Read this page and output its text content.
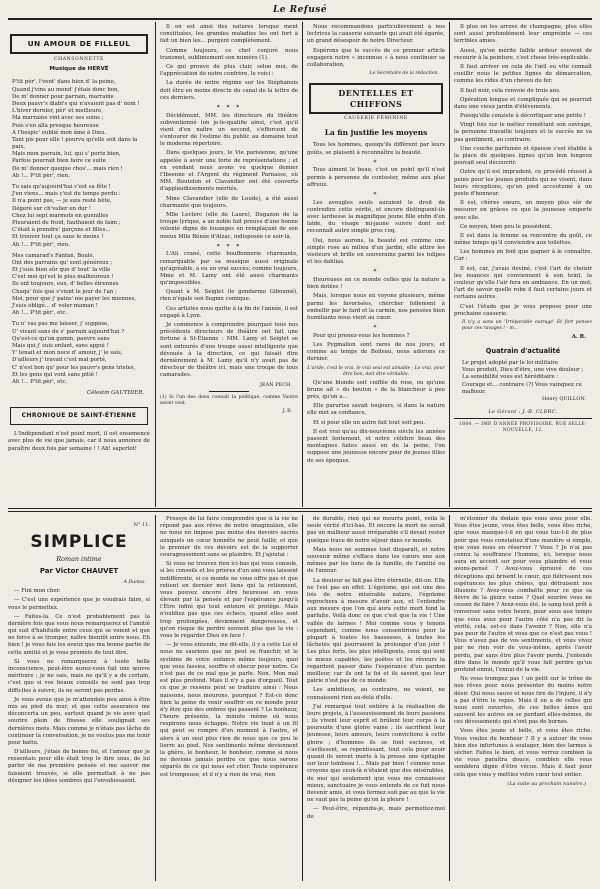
Le Refusé
UN AMOUR DE FILLEUL
CHANSONNETTE
Musique de HERVÉ

P'tit pèr', l'vent' dans bien d' la peine,

Quand j'vins au mond' j'étais donc bon,

De m' donner pour parrain, marraine

Deux pauvr's diabl's qui n'avaient pas d' nom !

L'hiver dernier, pèr' et meilleure,

Ma marraine vint avec ses soins ;

Puis s'en alla presque heureuse

A l'hospic' oublié mon âme à Dieu.

Tant pis pour elle ! pourvu qu'elle soit dans la paix,

Mais mon parrain, lui, qui s' porte bien,

Parfois pourrait bien faire ce suite

De m' donner queque chos'... mais rien !

Ah !... P'tit pèr', rien.

Tu sais qu'aujourd'hui c'est sa fête !

J'en viens... mais c'est du temps perdu :

Il n'a point pas, — je suis resté bête,

Dégeré sur ch'valier en dur !

Chez lui sept marmots en guenilles

Pleuraient de froid, fauthaient de faim ;

C'était à prendre' garçons et filles...

Et trouver tout ça sans le moins !

Ah !... P'tit pèr', rien.

Mes camarad's Fanfan, Boule,

Ont des parrains qu' sont généreux ;

Et j'suis bien sûr que d' tout' la ville

C'est moi qu'est le plus malheureux !

Ils ont toujours, eux, d' belles étrennes

Chaqu' fois que s'vient le jour de l'an ;

Moi, pour que j' pains' me payer les miennes,

J'suis obligé... d' voler maman !

Ah !... P'tit pèr', etc.

Tu n' vas pas me laisser, j' suppose,

U' vivant sans de s' parrain aujourd'hui ?

Qu'est-ce qu'un gamin, pauvre sans

Mais qui j' suis enfant, sans appui !

Y' tenait et mon noce d' amour, j' le sais,

D'ailleurs j' travail c'est mal porté,

C' n'est bon qu' pour les pauvr's gens tristes,

Et les gens qui vont sans pitié !

Ah !... P'tit pèr', etc.

Célestin GAUTHIER.
CHRONIQUE DE SAINT-ÉTIENNE

L'Indépendant n'est point mort, il est ensemencé avec plus de vie que jamais, car il nous annonce de paraître deux fois par semaine ! ! Ah! saperlot!

Il en est ainsi des natures lorsque ment constituées, les grandes maladies les ont fort à fait un bien les... purgent complètement.

Comme toujours, ce chef conjuré nous transmet, sublimement son numéro (1).

Ce qui prouve de plus clair, selon moi, de l'appréciation de notre confrère, le voici :

La durée de notre régime sur les Stéphanois doit être en moins directe du canal de la lettre de ces derniers.

✶ ✶ ✶

Décidément, MM. les directeurs du théâtre subventionné (on je-le-qualifie ainsi, c'est qu'il vient d'en naître un second, s'efforcent de s'entourer de l'estime du public au domaine tout le moderne répertoire.

Dans quelques jours, le Vie parisienne, qu'une appelée à avoir une forte de représentations ; et en vendant nous avons vu quelque demier l'Ibsenne et l'Argent du régiment Parnasse, où MM. Boutelon et Clavandier ont été couverts d'applaudissements mérités.

Mme Clavandier (elle de Loude), a été aussi charmante que toujours.

Mlle Leclerc (elle de Laure), Dugazon de la troupe lyrique, a un noble fait preuve d'une bonne volonté digne de louanges en remplaçant de son mieux Mlle Rénée d'Alzac, indisposée ce soir-là.

✶ ✶ ✶

L'Ali crané, cette bouffonnerie charmante, remarquable par sa musique aussi originale qu'agréable, a eu un vrai succès; comme toujours, Mme et M. Lamy ont été aussi charmants qu'impossibles.

Quant à M. Seiglet (le gendarme Giboumé), rien n'égale son flegme comique.

Ces artistes nous quitte à la fin de l'année, il est engagé à Lyon.

Je commence à comprendre pourquoi tous nos précédents directeurs de théâtre ont fait une fortune à St-Étienne : MM. Lamy et Seiglet se sont entourés d'une troupe aussi intelligente que dévouée à la direction, ce qui faisait dire dernièrement à M. Lamy qu'il n'y avait pas de directeur de théâtre ici, mais une troupe de tous camarades.

JEAN PECH.

(1) Si l'un des deux connaît la politique, comme Vautre serait veut.

J. R.

Nous recommandons particulièrement à nos lectrices la causerie suivante qui avait été égarée, un grand désespoir de notre Directeur.

Espérons que le succès de ce premier article engagera notre « inconnue » à nous continuer sa collaboration,

Le Secrétaire de la rédaction.
DENTELLES ET CHIFFONS
CAUSERIE FÉMININE
La fin justifie les moyens

Tous les hommes, quoiqu'ils diffèrent par leurs goûts, se plaisent à reconnaître la beauté.

✶

Tous aiment le beau, c'est un point qu'il n'est permis à personne de contester, même aux plus affreux.

✶

Les aveugles seuls auraient le droit de contredire cette vérité, et encore distinguent-ils avec lardiesse la magnifique jeune fille enfin d'en laide, du visage mi-jaune suivre dont est reconnaît autre simple gros coq.

Oui, nous aurons, la beauté est comme une simple rose au milieu d'un jardin, elle attire les visiteurs et brille en souveraine parmi les tulipes et les dahlias.

✶

Heureuses en ce monde celles que la nature a bien dotées !

Mais, lorsque nous en voyons plusieurs, même parmi les favorisées, chercher follement à embellir par le fard et la carmin, nos pensées bien humiliante nous vient au cœur.

✶

Pour qui prenez-vous les hommes ?

Les Pygmalion sont rares de nos jours, et comme au temps de Boileau, nous adorons ce dernier.

L'aride, c'est le vrai, le vrai seul est aimable ; Le vrai, pour être bon, doit être véritable.

Qu'une blonde soit coiffée de rose, ou qu'une brune ait « du bouton » de la blancheur à peu près, qu'on a...

Elle parurtes savait toujours, si dans la nature elle met sa confiance,

Et si pour elle un autre fait tout soit peu.

Il est vrai qu'au dix-neuvième siècle les années passent lentement, et notre célèbre beau des montagnes faites aussi en de la peine, l'on suppose une jeunesse encore pour de jeunes filles de ses époques.

Il plus on les arrose de champagne, plus elles sont aussi profondément leur empreinte — ces terribles amies.

Aussi, qu'on mérite faible ardeur souvent de recourir à la peinture, c'est chose très-explicable.

Il faut arriver en cela de l'œil ou vite connaît cueillir nous le petites lignes de démarcation, comme les rides d'un cheveu du fer.

Il faut noir, cela renvoie de trois ans.

Opération longue et compliquée qui se pourrait dans une vieux jardin d'élévements.

Puisqu'elle consiste à décortiquer une petite !

Vingt fois sur le métier reméttant son ouvrage, la personne travaille toujours et le succès ne va pas gentiment, au contraire.

Une couche parfumée et épaisse s'est établie à la place de quelques lignes qu'un bon longeux pouvait seul découvrir.

Outre qu'il est imprudent, ce procédé réussit à peine pour les jeunes produits qui ne visent, dans leurs réceptions, qu'un pied accoutumé à un poste d'honneur.

Il est, chères sœurs, un moyen plus sûr de mesurer en grâces ce que la jeunesse emporte avec elle.

Ce moyen, bien peu le possèdent.

Il est dans la femme sa rencontre du goût, ce même temps qu'il conviendra aux toilettes.

Les hommes en font que gagner à le connaître. Car :

Il est, car, j'avais deviné, c'est l'art de choisir les nuances qui conviennent à son teint, la couleur qu'elle l'air fera en ambiance. En un mot, l'art de savoir quelle robe il faut certains jours et certains autres.

C'est l'étude que je vous propose pour une prochaine causerie.

Il n'y a sans un 'Irréparable outrage' Et fort pensez pour ces ravages ! - m...

A. R.
Quatrain d'actualité

Le projet adopté par le loi militaire

Vous produit, Dieu d'être, une vive douleur ;

La sensibilité vous est héréditaire :

Courage et... contraire (?) Vous vainquez ce malheur.

Henry QUILLON.
Le Gérant : J.-B. CLERC.
1884. — IMP. D'ANNÉE PROVISOIRE, RUE SELLE-NOUVELLE, 12.
N° 11.
SIMPLICE
Roman intime
Par Victor CHAUVET
A Dumas.

— Fini mon cher.

— C'est une expérience que je voudrais faire, si vous le permettez.

— Faites-la. Ce n'est probablement pas la dernière fois que vous nous remarquerez et l'amitié qui suit d'habitude entre ceux qui se voient et que ne force à se tromper, naître bientôt entre nous. Eh bien ! je vous fais les aveux que ma bonne partie de cette amitié et je vous promets de tout dire.

Si vous ne remarquerez à toute belle inconscience, peut-être aurez-vous fait une œuvre méritoire ; je ne sais, mais ne qu'il y a de certain, c'est que si vos beaux conseils ne sont pas trop difficiles à suivre, ils ne seront pas perdus.

Je vous avoue que je m'attendais peu ainsi à être mis au pied du mur, et que cette assurance me déconcerta un peu, surtout quand je vis avec quel sourire plein de finesse elle soulignait ses dernières mots. Mais comme je n'étais pas lâche de continuer la conversation, je ne voulus pas me tenir pour battu.

D'ailleurs, j'étais de bonne foi, et l'amour que je ressentais pour elle était trop le dire sous, de lui parler de ma première pensée et me sauver me faisaient trouvés, si elle permettait à ne pas désigner les idées sombres qui l'envahissaient.

Frossyé de lui faire comprendre que si la vie ne répond pas aux rêves de notre imagination, elle ne nous en impose pas moins des devoirs sacrés auxquels un cœur honnête ne peut faillir, et que le premier de ces devoirs est de la supporter courageusement sans se plaindre. Et j'ajoutai :

Si vous ne trouvez rien ici-bas qui vous console, si les conseils et les prières d'un ami vous laissent indifférente, si ce monde ne vous offre pas et que retient en dernier mot liens qui la retiennent, vous pouvez encore être heureuse en vous élevant par la pensée et par l'espérance jusqu'à l'Être infini qui tout entoure et protège. Mais n'oubliez pas que ces échecs, quand elles sont trop prolongées, deviennent dangereuses, et qu'on risque de perdre souvent plus que la vie : vous le regarder Dieu en face !

— Je vous entends, me dit-elle, il y a cette Loi et nous ne saurions que ne peut se franchir, et le système de votre enfance même toujours, quoi que vous fassiez, souffre et obscur pour notre. Ce n'est pas de ce mal que je parle. Non. Mon mal est plus profond. Mais il n'y a pas d'orgueil. Tout ce que je ressens peut se traduire ainsi : Nous naissons, nous mourons, pourquoi ? Est-ce donc bien la peine de venir souffrir en ce monde pour n'y être que des ombres qui passent ? Le bonheur, l'heure présente, la minute même où nous respirons nous échappe. Notre vie tient à un fil qui peut se rompre d'un moment à l'autre, et alors à un seul plus rien de nous que ce peu le lierre au pied. Nos sentiments même deviennent la ghère, le bonheur, le bonheur, comme si nous ne devions jamais perdre ce que nous serons séparés de ce qui nous est cher. Toute espérance est trompeuse, et il n'y a rien de vrai, rien

de durable, rien qui ne mourra point, voilà le seule vérité d'ici-bas. Et encore la mort ne serait pas un malheur aussi irréparable s'il devait rester quelque trace de notre séjour dans ce monde.

Mais nous ne sommes tout disparait, et notre souvenir même s'efface dans les cœurs une aux mêmes par les liens de la famille, de l'amitié ou de l'amour.

La douleur se fait pas être éternelle, dit-on. Elle ne l'est pas en effet. L'égoïsme, qui est une des lois de notre misérable nature, l'égoïsme reprochera à mesure d'avoir aux, et l'entendre aux mesure que l'on qui aura cette mort fond la parfaite. Voilà donc ce que c'est que la vie ! Une vallée de larmes ! Moi comme vous y tenons cependant, comme nous consentirions pour la plupart à toutes les bassesses, à toutes les lâchetés qui pourraient la prolonger d'un jour ! Les plus forts, les plus intelligents, ceux qui sont le mieux capables, les poètes et les rêveurs la regardent passer dans l'espérance d'un pardon meilleur, car ils ont la foi et ils savent que leur patrie n'est pas de ce monde.

Les ambitieux, au contraire, ne voient, ne connaissent rien au-delà d'elle.

J'ai remarqué tout entière à la réalisation de leurs projets, à l'assouvissement de leurs passions ; ils vivent leur esprit et brûlent leur corps à la poursuite d'une gloire vaine ; ils sacrifient leur jeunesse, leurs amours, leurs convictions à cette gloire ; d'hommes ils se font esclaves, et s'avilissent, se repentissant, tout cela pour avoir quand ils seront morts à la presse une épitaphe sur leur tombeau !... Mais par bien ! comme nous croyons que ceux-là n'étaient que des misérables, de moi qui seulement que vous me connaissez mieux, sanctuaire je vous entends de ce fuit nous devenir amis, et vous fermez soit par au que la vie ne vaut pas la peine qu'on la pleure !

— Peut-être, répondis-je, mais permettez-moi de

m'étonner du dédain que vous avez pour elle. Vous êtes jeune, vous êtes belle, vous êtes riche, que vous manque-t-il en qui vous tue-t-il de plus pour que vous constatiez d'une manière si simple, que vous nous en réserver ? Vous ? Je n'ai pas connu la souffrance l'homme, ici, lorsque nous aura en accent sur pour vous plaindre et vous avons-pensé ? Avez-vous éprouvé de ces déceptions qui brisent le cœur, qui flétrissent nos espérances les plus chères, qui détruisent nos illusions ? Avez-vous combattu pour ce que sa fièvre de la gloire vaine ? Quel sourire vous ne cessez de faire ? Avez-vous été, le sang tout prêt à renverser sans votre heure, pour sous aux temps que vous avez pour l'autre côté n'a pas dit la vérité, cela, est-ce dans l'avenir ? Non, elle n'a pas peur de l'autre et vous que ce n'est pas vous ! Vous n'avez pas de vos sentiments, et vous vivez par ne rien voir de vous-même, après l'avoir perdu, par sans être plus l'avoir perdu. J'entends dire dans le monde qu'il vous fait perdre qu'un profond ennui, l'ennui de la vie.

Ne vous trompez pas ! un petit sur le trône de nos rêves pour nous présenter du moins notre désir. Qui nous sauve et nous tire de l'injure, il n'y a pas d'être le repos. Mais il en a de celles qui nous sont ouvertes, de ces belles âmes qui sauvent les autres en se perdant elles-mêmes, de ces dévouements qui n'ont pas de bornes.

Vous êtes jeune et belle, et vous êtes riche. Vous voulez du bonheur ? Il y a autour de vous bien des infortunes à soulager, bien des larmes à sécher. Faites le bien, et vous verrez combien la vie vous paraîtra douce, combien elle vous semblera digne d'être vécue. Mais il faut pour cela que vous y mettiez votre cœur tout entier.

(La suite au prochain numéro.)
